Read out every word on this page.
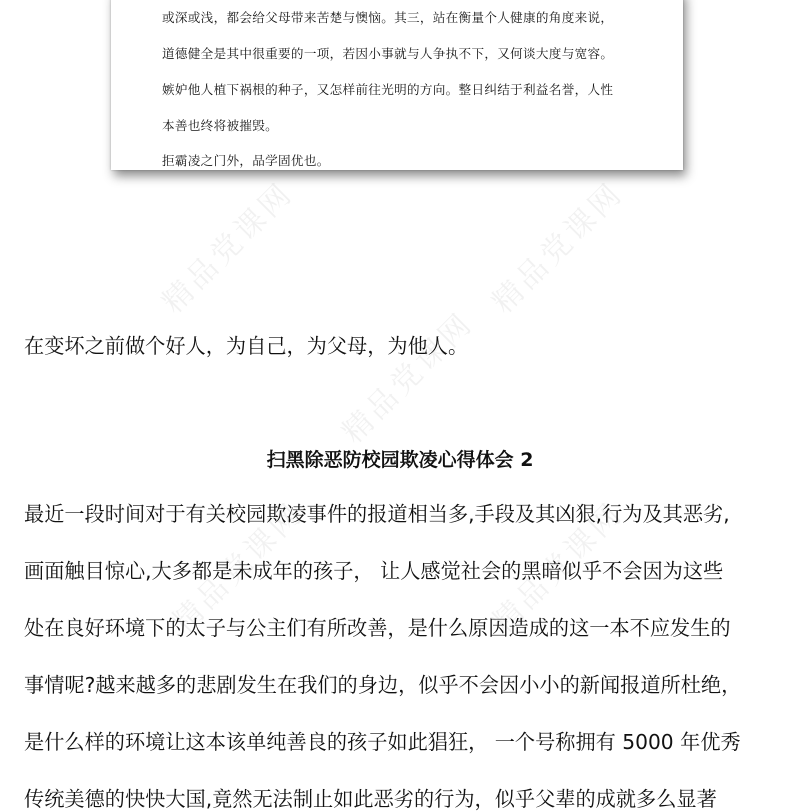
精品党课网	精品党课网
精品党课网
精品党课网	精品党课网
或深或浅，都会给父母带来苦楚与懊恼。其三，站在衡量个人健康的角度来说，
道德健全是其中很重要的一项，若因小事就与人争执不下，又何谈大度与宽容。
嫉妒他人植下祸根的种子，又怎样前往光明的方向。整日纠结于利益名誉，人性
本善也终将被摧毁。
拒霸凌之门外，品学固优也。
在变坏之前做个好人，为自己，为父母，为他人。
扫黑除恶防校园欺凌心得体会 2
最近一段时间对于有关校园欺凌事件的报道相当多,手段及其凶狠,行为及其恶劣,
画面触目惊心,大多都是未成年的孩子， 让人感觉社会的黑暗似乎不会因为这些
处在良好环境下的太子与公主们有所改善，是什么原因造成的这一本不应发生的
事情呢?越来越多的悲剧发生在我们的身边，似乎不会因小小的新闻报道所杜绝，
是什么样的环境让这本该单纯善良的孩子如此猖狂， 一个号称拥有 5000 年优秀
传统美德的快快大国,竟然无法制止如此恶劣的行为，似乎父辈的成就多么显著
